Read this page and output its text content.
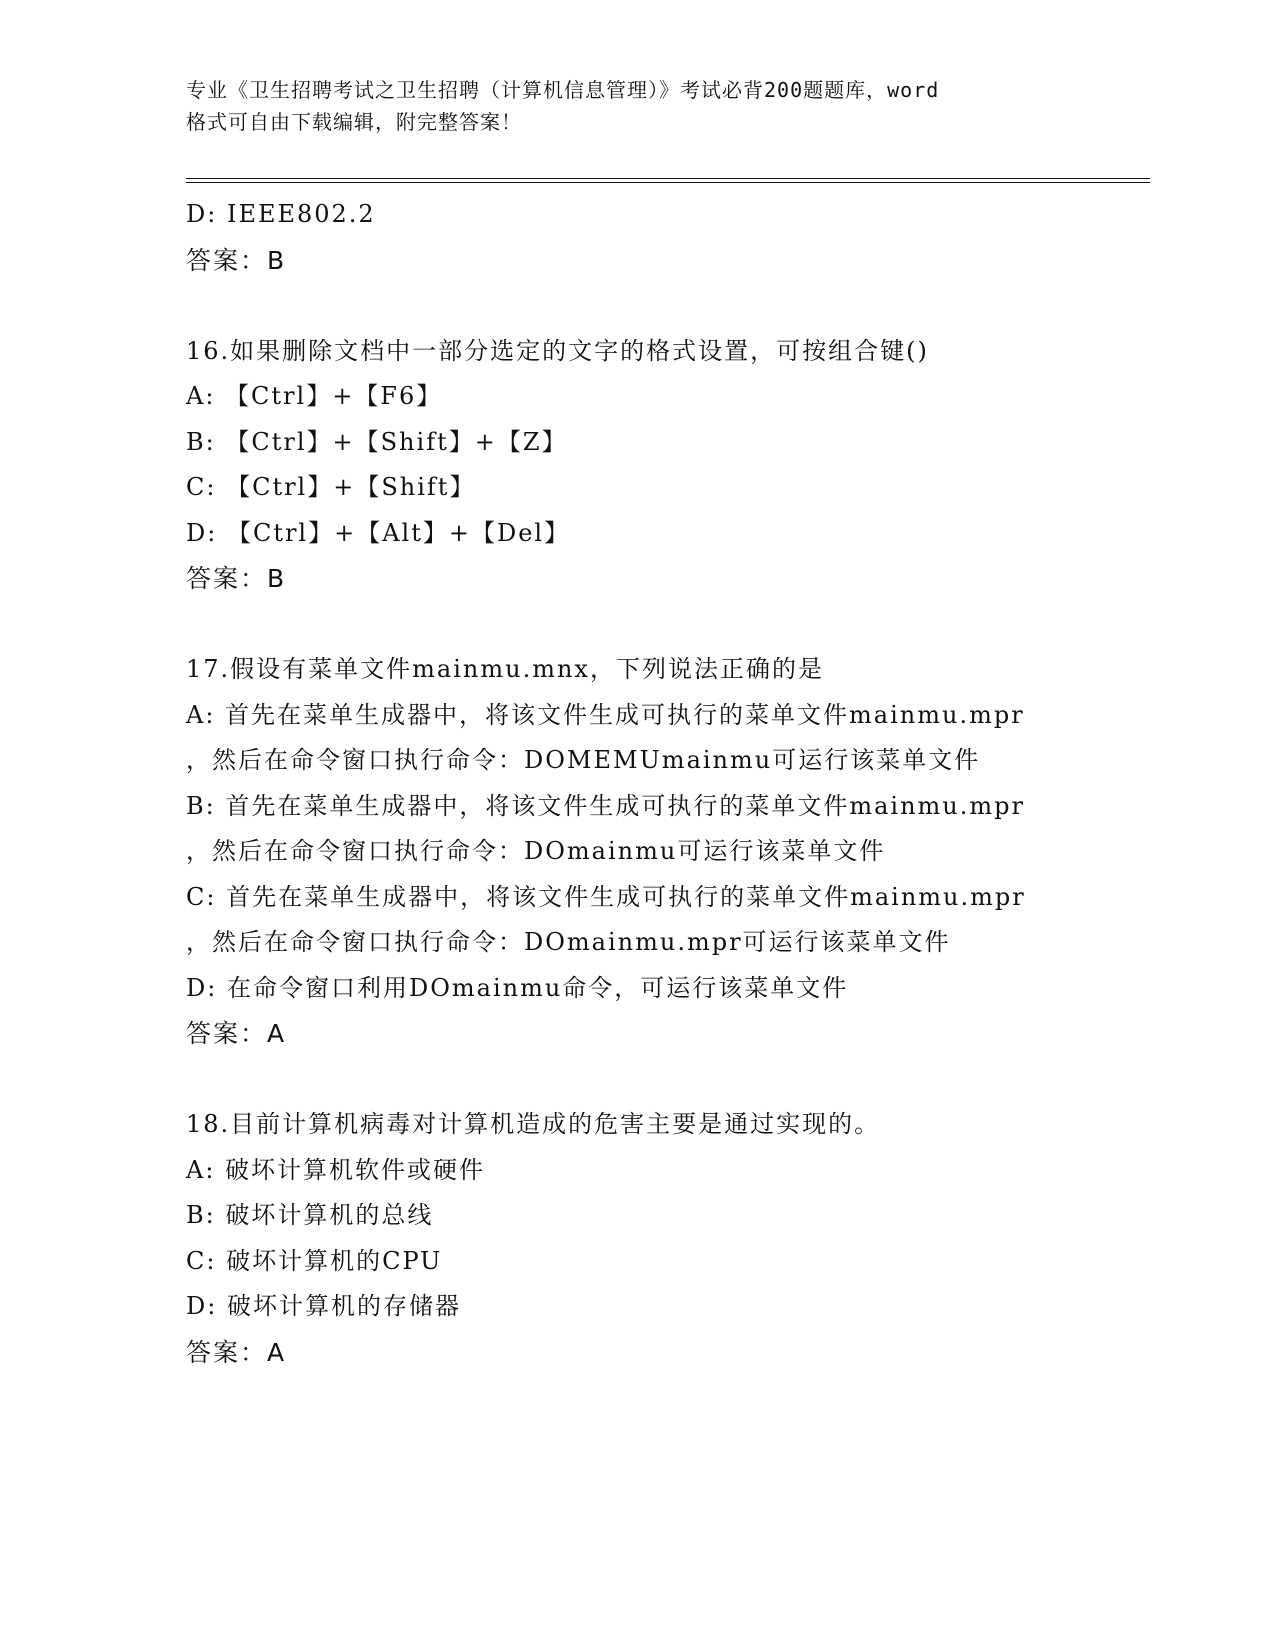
专业《卫生招聘考试之卫生招聘（计算机信息管理）》考试必背200题题库，word
格式可自由下载编辑，附完整答案！
D: IEEE802.2
答案：B
16.如果删除文档中一部分选定的文字的格式设置，可按组合键()
A: 【Ctrl】+【F6】
B: 【Ctrl】+【Shift】+【Z】
C: 【Ctrl】+【Shift】
D: 【Ctrl】+【Alt】+【Del】
答案：B
17.假设有菜单文件mainmu.mnx，下列说法正确的是
A: 首先在菜单生成器中，将该文件生成可执行的菜单文件mainmu.mpr
，然后在命令窗口执行命令：DOMEMUmainmu可运行该菜单文件
B: 首先在菜单生成器中，将该文件生成可执行的菜单文件mainmu.mpr
，然后在命令窗口执行命令：DOmainmu可运行该菜单文件
C: 首先在菜单生成器中，将该文件生成可执行的菜单文件mainmu.mpr
，然后在命令窗口执行命令：DOmainmu.mpr可运行该菜单文件
D: 在命令窗口利用DOmainmu命令，可运行该菜单文件
答案：A
18.目前计算机病毒对计算机造成的危害主要是通过实现的。
A: 破坏计算机软件或硬件
B: 破坏计算机的总线
C: 破坏计算机的CPU
D: 破坏计算机的存储器
答案：A
